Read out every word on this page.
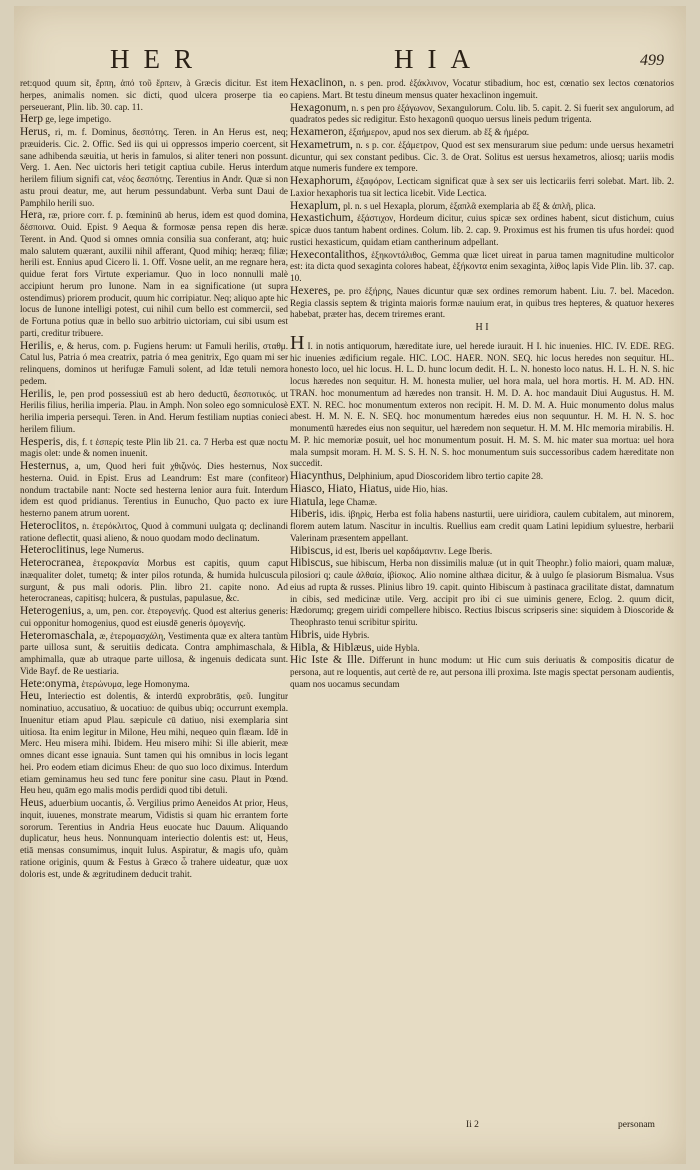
HER	HIA	499

ret:quod quum sit, ἕρπη, ἀπό τοῦ ἕρπειν, à Græcis dicitur. Est item herpes, animalis nomen. sic dicti, quod ulcera proserpe tia eo perseuerant, Plin. lib. 30. cap. 11.

Herp ge, lege impetigo.

Herus, ri, m. f. Dominus, δεσπότης. Teren. in An Herus est, neq; præuideris. Cic. 2. Offic. Sed iis qui ui oppressos imperio coercent, sit sane adhibenda sæuitia, ut heris in famulos, si aliter teneri non possunt. Verg. 1. Aen. Nec uictoris heri tetigit captiua cubile. Herus interdum herilem filium signifi cat, νέος δεσπότης. Terentius in Andr. Quæ si non astu proui deatur, me, aut herum pessundabunt. Verba sunt Daui de Pamphilo herili suo.

Hera, ræ, priore corr. f. p. fœmininū ab herus, idem est quod domina, δέσποινα. Ouid. Epist. 9 Aequa & formosæ pensa repen dis heræ. Terent. in And. Quod si omnes omnia consilia sua conferant, atq; huic malo salutem quærant, auxilii nihil afferant, Quod mihiq; heræq; filiæ; herili est. Ennius apud Cicero li. 1. Off. Vosne uelit, an me regnare hera, quidue ferat fors Virtute experiamur. Quo in loco nonnulli malè accipiunt herum pro Iunone. Nam in ea significatione (ut supra ostendimus) priorem producit, quum hic corripiatur. Neq; aliquo apte hic locus de Iunone intelligi potest, cui nihil cum bello est commercii, sed de Fortuna potius quæ in bello suo arbitrio uictoriam, cui sibi usum est parti, creditur tribuere.

Herilis, e, & herus, com. p. Fugiens herum: ut Famuli herilis, σταθμ. Catul lus, Patria ó mea creatrix, patria ó mea genitrix, Ego quam mi ser relinquens, dominos ut herifugæ Famuli solent, ad Idæ tetuli nemora pedem.

Herilis, le, pen prod possessiuū est ab hero deductū, δεσποτικός. ut Herilis filius, herilia imperia. Plau. in Amph. Non soleo ego somniculosè herilia imperia persequi. Teren. in And. Herum festiliam nuptias conieci herilem filium.

Hesperis, dis, f. t ἑσπερίς teste Plin lib 21. ca. 7 Herba est quæ noctu magis olet: unde & nomen inuenit.

Hesternus, a, um, Quod heri fuit χθιζινός. Dies hesternus, Nox hesterna. Ouid. in Epist. Erus ad Leandrum: Est mare (confiteor) nondum tractabile nant: Nocte sed hesterna lenior aura fuit. Interdum idem est quod pridianus. Terentius in Eunucho, Quo pacto ex iure hesterno panem atrum uorent.

Heteroclitos, n. ἑτερόκλιτος, Quod à communi uulgata q; declinandi ratione deflectit, quasi alieno, & nouo quodam modo declinatum.

Heteroclitinus, lege Numerus.

Heterocranea, ἑτεροκρανία Morbus est capitis, quum caput inæqualiter dolet, tumetq; & inter pilos rotunda, & humida hulcuscula surgunt, & pus mali odoris. Plin. libro 21. capite nono. Ad heterocraneas, capitisq; hulcera, & pustulas, papulasue, &c.

Heterogenius, a, um, pen. cor. ἑτερογενής. Quod est alterius generis: cui opponitur homogenius, quod est eiusdē generis ὁμογενής.

Heteromaschala, æ, ἑτερομασχάλη, Vestimenta quæ ex altera tantùm parte uillosa sunt, & seruitiis dedicata. Contra amphimaschala, & amphimalla, quæ ab utraque parte uillosa, & ingenuis dedicata sunt. Vide Bayf. de Re uestiaria.

Hete:onyma, ἑτερώνυμα, lege Homonyma.

Heu, Interiectio est dolentis, & interdū exprobrātis, φεῦ. Iungitur nominatiuo, accusatiuo, & uocatiuo: de quibus ubiq; occurrunt exempla. Inuenitur etiam apud Plau. sæpicule cū datiuo, nisi exemplaria sint uitiosa. Ita enim legitur in Milone, Heu mihi, nequeo quin flæam. Idē in Merc. Heu misera mihi. Ibidem. Heu misero mihi: Si ille abierit, meæ omnes dicant esse ignauia. Sunt tamen qui his omnibus in locis legant hei. Pro eodem etiam dicimus Eheu: de quo suo loco diximus. Interdum etiam geminamus heu sed tunc fere ponitur sine casu. Plaut in Pœnd. Heu heu, quām ego malis modis perdidi quod tibi detuli.

Heus, aduerbium uocantis, ὦ. Vergilius primo Aeneidos At prior, Heus, inquit, iuuenes, monstrate mearum, Vidistis si quam hic errantem forte sororum. Terentius in Andria Heus euocate huc Dauum. Aliquando duplicatur, heus heus. Nonnunquam interiectio dolentis est: ut, Heus, etiā mensas consumimus, inquit Iulus. Aspiratur, & magis ufo, quàm ratione originis, quum & Festus à Græco ὦ trahere uideatur, quæ uox doloris est, unde & ægritudinem deducit trahit.

Hexaclinon, n. s pen. prod. ἑξάκλινον, Vocatur stibadium, hoc est, cœnatio sex lectos cœnatorios capiens. Mart. Bt testu dineum mensus quater hexaclinon ingemuit.

Hexagonum, n. s pen pro ἑξάγωνον, Sexangulorum. Colu. lib. 5. capit. 2. Si fuerit sex angulorum, ad quadratos pedes sic redigitur. Esto hexagonū quoquo uersus lineis pedum trigenta.

Hexameron, ἑξαήμερον, apud nos sex dierum. ab ἕξ & ἡμέρα.

Hexametrum, n. s p. cor. ἑξάμετρον, Quod est sex mensurarum siue pedum: unde uersus hexametri dicuntur, qui sex constant pedibus. Cic. 3. de Orat. Solitus est uersus hexametros, aliosq; uariis modis atque numeris fundere ex tempore.

Hexaphorum, ἑξαφόρον, Lecticam significat quæ à sex ser uis lecticariis ferri solebat. Mart. lib. 2. Laxior hexaphoris tua sit lectica licebit. Vide Lectica.

Hexaplum, pl. n. s uel Hexapla, plorum, ἑξαπλᾶ exemplaria ab ἕξ & ἁπλῆ, plica.

Hexastichum, ἑξάστιχον, Hordeum dicitur, cuius spicæ sex ordines habent, sicut distichum, cuius spicæ duos tantum habent ordines. Colum. lib. 2. cap. 9. Proximus est his frumen tis ufus hordei: quod rustici hexasticum, quidam etiam cantherinum adpellant.

Hexecontalithos, ἑξηκοντάλιθος, Gemma quæ licet uireat in parua tamen magnitudine multicolor est: ita dicta quod sexaginta colores habeat, ἑξήκοντα enim sexaginta, λίθος lapis Vide Plin. lib. 37. cap. 10.

Hexeres, pe. pro ἑξήρης, Naues dicuntur quæ sex ordines remorum habent. Liu. 7. bel. Macedon. Regia classis septem & triginta maioris formæ nauium erat, in quibus tres hepteres, & quatuor hexeres habebat, præter has, decem triremes erant.

H I

H I. in notis antiquorum, hæreditate iure, uel herede iurauit. H I. hic inuenies. HIC. IV. EDE. REG. hic inuenies ædificium regale. HIC. LOC. HAER. NON. SEQ. hic locus heredes non sequitur. HL. honesto loco, uel hic locus. H. L. D. hunc locum dedit. H. L. N. honesto loco natus. H. L. H. N. S. hic locus hæredes non sequitur. H. M. honesta mulier, uel hora mala, uel hora mortis. H. M. AD. HN. TRAN. hoc monumentum ad hæredes non transit. H. M. D. A. hoc mandauit Diui Augustus. H. M. EXT. N. REC. hoc monumentum exteros non recipit. H. M. D. M. A. Huic monumento dolus malus abest. H. M. N. E. N. SEQ. hoc monumentum hæredes eius non sequuntur. H. M. H. N. S. hoc monumentū hæredes eius non sequitur, uel hæredem non sequetur. H. M. M. HIc memoria mirabilis. H. M. P. hic memoriæ posuit, uel hoc monumentum posuit. H. M. S. M. hic mater sua mortua: uel hora mala sumpsit moram. H. M. S. S. H. N. S. hoc monumentum suis successoribus cadem hæreditate non succedit.

Hiacynthus, Delphinium, apud Dioscoridem libro tertio capite 28.

Hiasco, Hiato, Hiatus, uide Hio, hias.

Hiatula, lege Chamæ.

Hiberis, idis. ἰβηρὶς, Herba est folia habens nasturtii, uere uiridiora, caulem cubitalem, aut minorem, florem autem latum. Nascitur in incultis. Ruellius eam credit quam Latini lepidium syluestre, herbarii Valerinam præsentem appellant.

Hibiscus, id est, Iberis uel καρδάμαντιν. Lege Iberis.

Hibiscus, sue hibiscum, Herba non dissimilis maluæ (ut in quit Theophr.) folio maiori, quam maluæ, pilosiori q; caule ἀλθαία, ἰβίσκος. Alio nomine althæa dicitur, & à uulgo ſe plasiorum Bismalua. Vsus eius ad rupta & russes. Plinius libro 19. capit. quinto Hibiscum à pastinaca gracilitate distat, damnatum in cibis, sed medicinæ utile. Verg. accipit pro ibi ci sue uiminis genere, Eclog. 2. quum dicit, Hædorumq; gregem uiridi compellere hibisco. Rectius Ibiscus scripseris sine: siquidem à Dioscoride & Theophrasto tenui scribitur spiritu.

Hibris, uide Hybris.

Hibla, & Hiblæus, uide Hybla.

Hic Iste & Ille. Differunt in hunc modum: ut Hic cum suis deriuatis & compositis dicatur de persona, aut re loquentis, aut certè de re, aut persona illi proxima. Iste magis spectat personam audientis, quam nos uocamus secundam

Ii 2	personam
